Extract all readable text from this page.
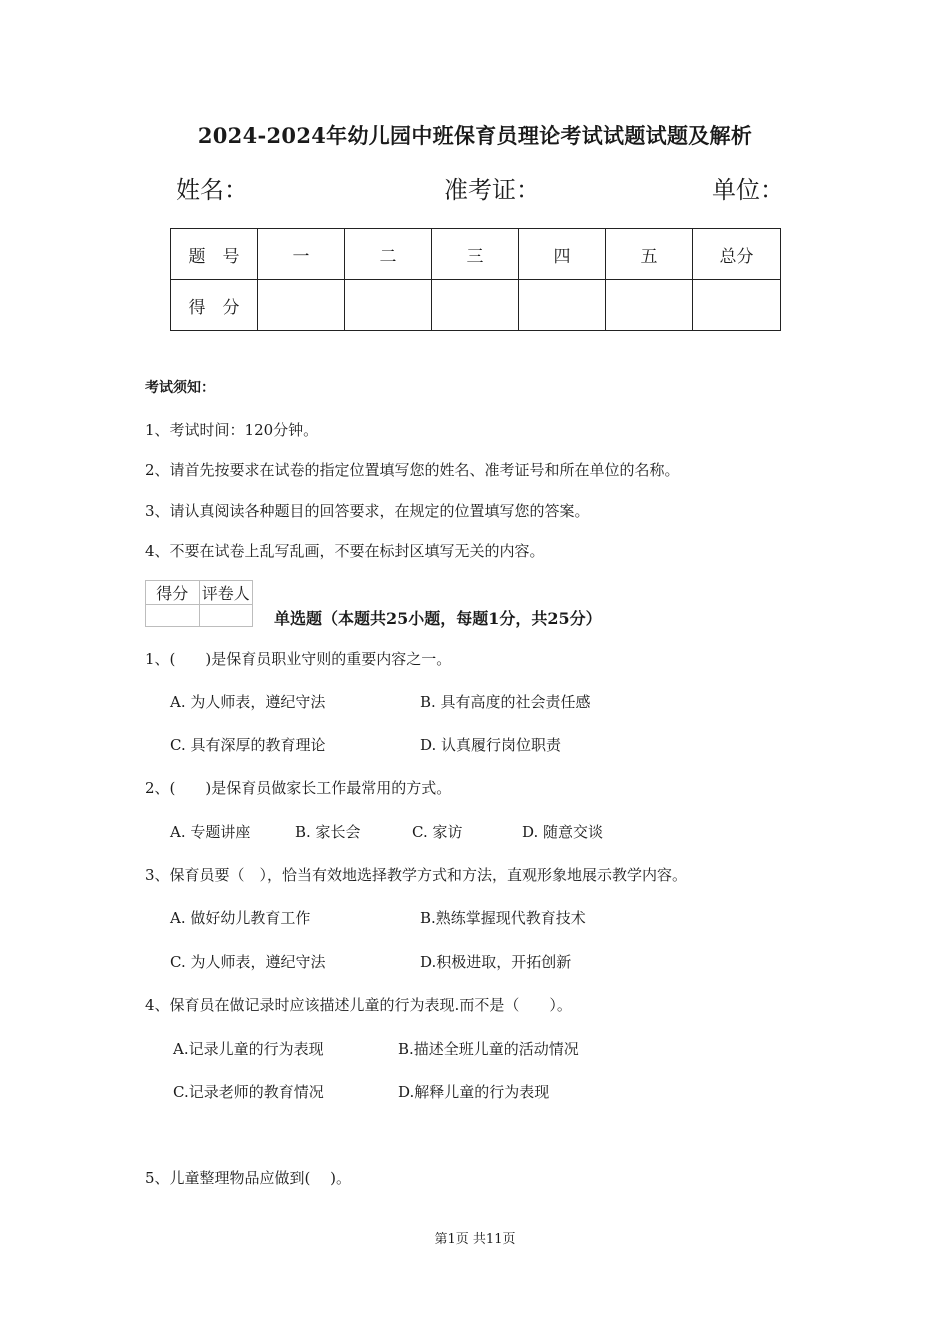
2024-2024年幼儿园中班保育员理论考试试题试题及解析
姓名：	准考证：	单位：
题　号	一	二	三	四	五	总分
得　分						
考试须知：
1、考试时间：120分钟。
2、请首先按要求在试卷的指定位置填写您的姓名、准考证号和所在单位的名称。
3、请认真阅读各种题目的回答要求，在规定的位置填写您的答案。
4、不要在试卷上乱写乱画，不要在标封区填写无关的内容。
得分	评卷人

单选题（本题共25小题，每题1分，共25分）
1、(　　)是保育员职业守则的重要内容之一。
A. 为人师表，遵纪守法	B. 具有高度的社会责任感
C. 具有深厚的教育理论	D. 认真履行岗位职责
2、(　　)是保育员做家长工作最常用的方式。
A. 专题讲座	B. 家长会	C. 家访	D. 随意交谈
3、保育员要（　），恰当有效地选择教学方式和方法，直观形象地展示教学内容。
A. 做好幼儿教育工作	B.熟练掌握现代教育技术
C. 为人师表，遵纪守法	D.积极进取，开拓创新
4、保育员在做记录时应该描述儿童的行为表现.而不是（　　）。
A.记录儿童的行为表现	B.描述全班儿童的活动情况
C.记录老师的教育情况	D.解释儿童的行为表现
5、儿童整理物品应做到(　 )。
第1页 共11页
